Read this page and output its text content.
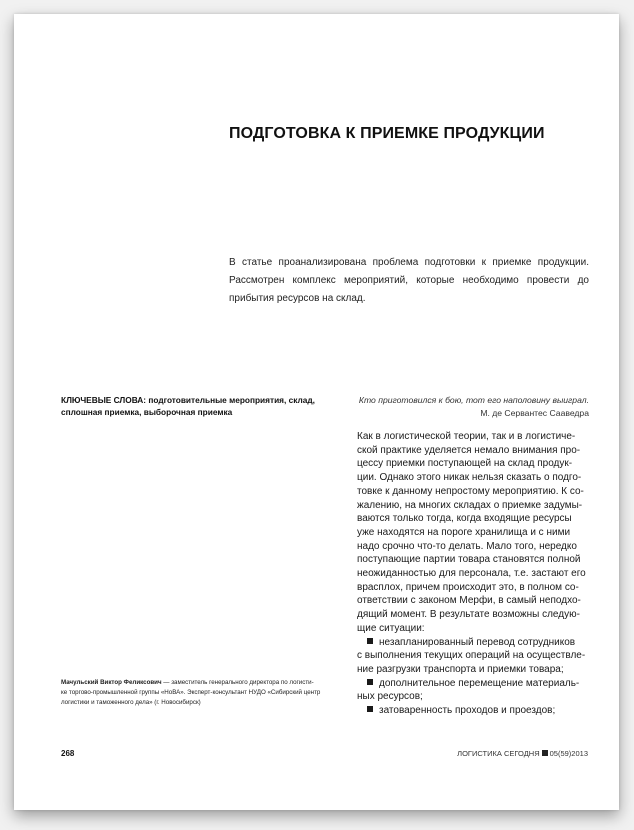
ПОДГОТОВКА К ПРИЕМКЕ ПРОДУКЦИИ

В статье проанализирована проблема подготовки к приемке продукции. Рассмотрен комплекс мероприятий, которые необходимо провести до прибытия ресурсов на склад.

КЛЮЧЕВЫЕ СЛОВА: подготовительные мероприятия, склад, сплошная приемка, выборочная приемка

Кто приготовился к бою, тот его наполовину выиграл.
М. де Сервантес Сааведра

Как в логистической теории, так и в логистиче-
ской практике уделяется немало внимания про-
цессу приемки поступающей на склад продук-
ции. Однако этого никак нельзя сказать о подго-
товке к данному непростому мероприятию. К со-
жалению, на многих складах о приемке задумы-
ваются только тогда, когда входящие ресурсы
уже находятся на пороге хранилища и с ними
надо срочно что-то делать. Мало того, нередко
поступающие партии товара становятся полной
неожиданностью для персонала, т.е. застают его
врасплох, причем происходит это, в полном со-
ответствии с законом Мерфи, в самый неподхо-
дящий момент. В результате возможны следую-
щие ситуации:
незапланированный перевод сотрудников
с выполнения текущих операций на осуществле-
ние разгрузки транспорта и приемки товара;
дополнительное перемещение материаль-
ных ресурсов;
затоваренность проходов и проездов;
Мачульский Виктор Феликсович — заместитель генерального директора по логисти-
ке торгово-промышленной группы «НоВА». Эксперт-консультант НУДО «Сибирский центр
логистики и таможенного дела» (г. Новосибирск)

268	ЛОГИСТИКА СЕГОДНЯ 05(59)2013
